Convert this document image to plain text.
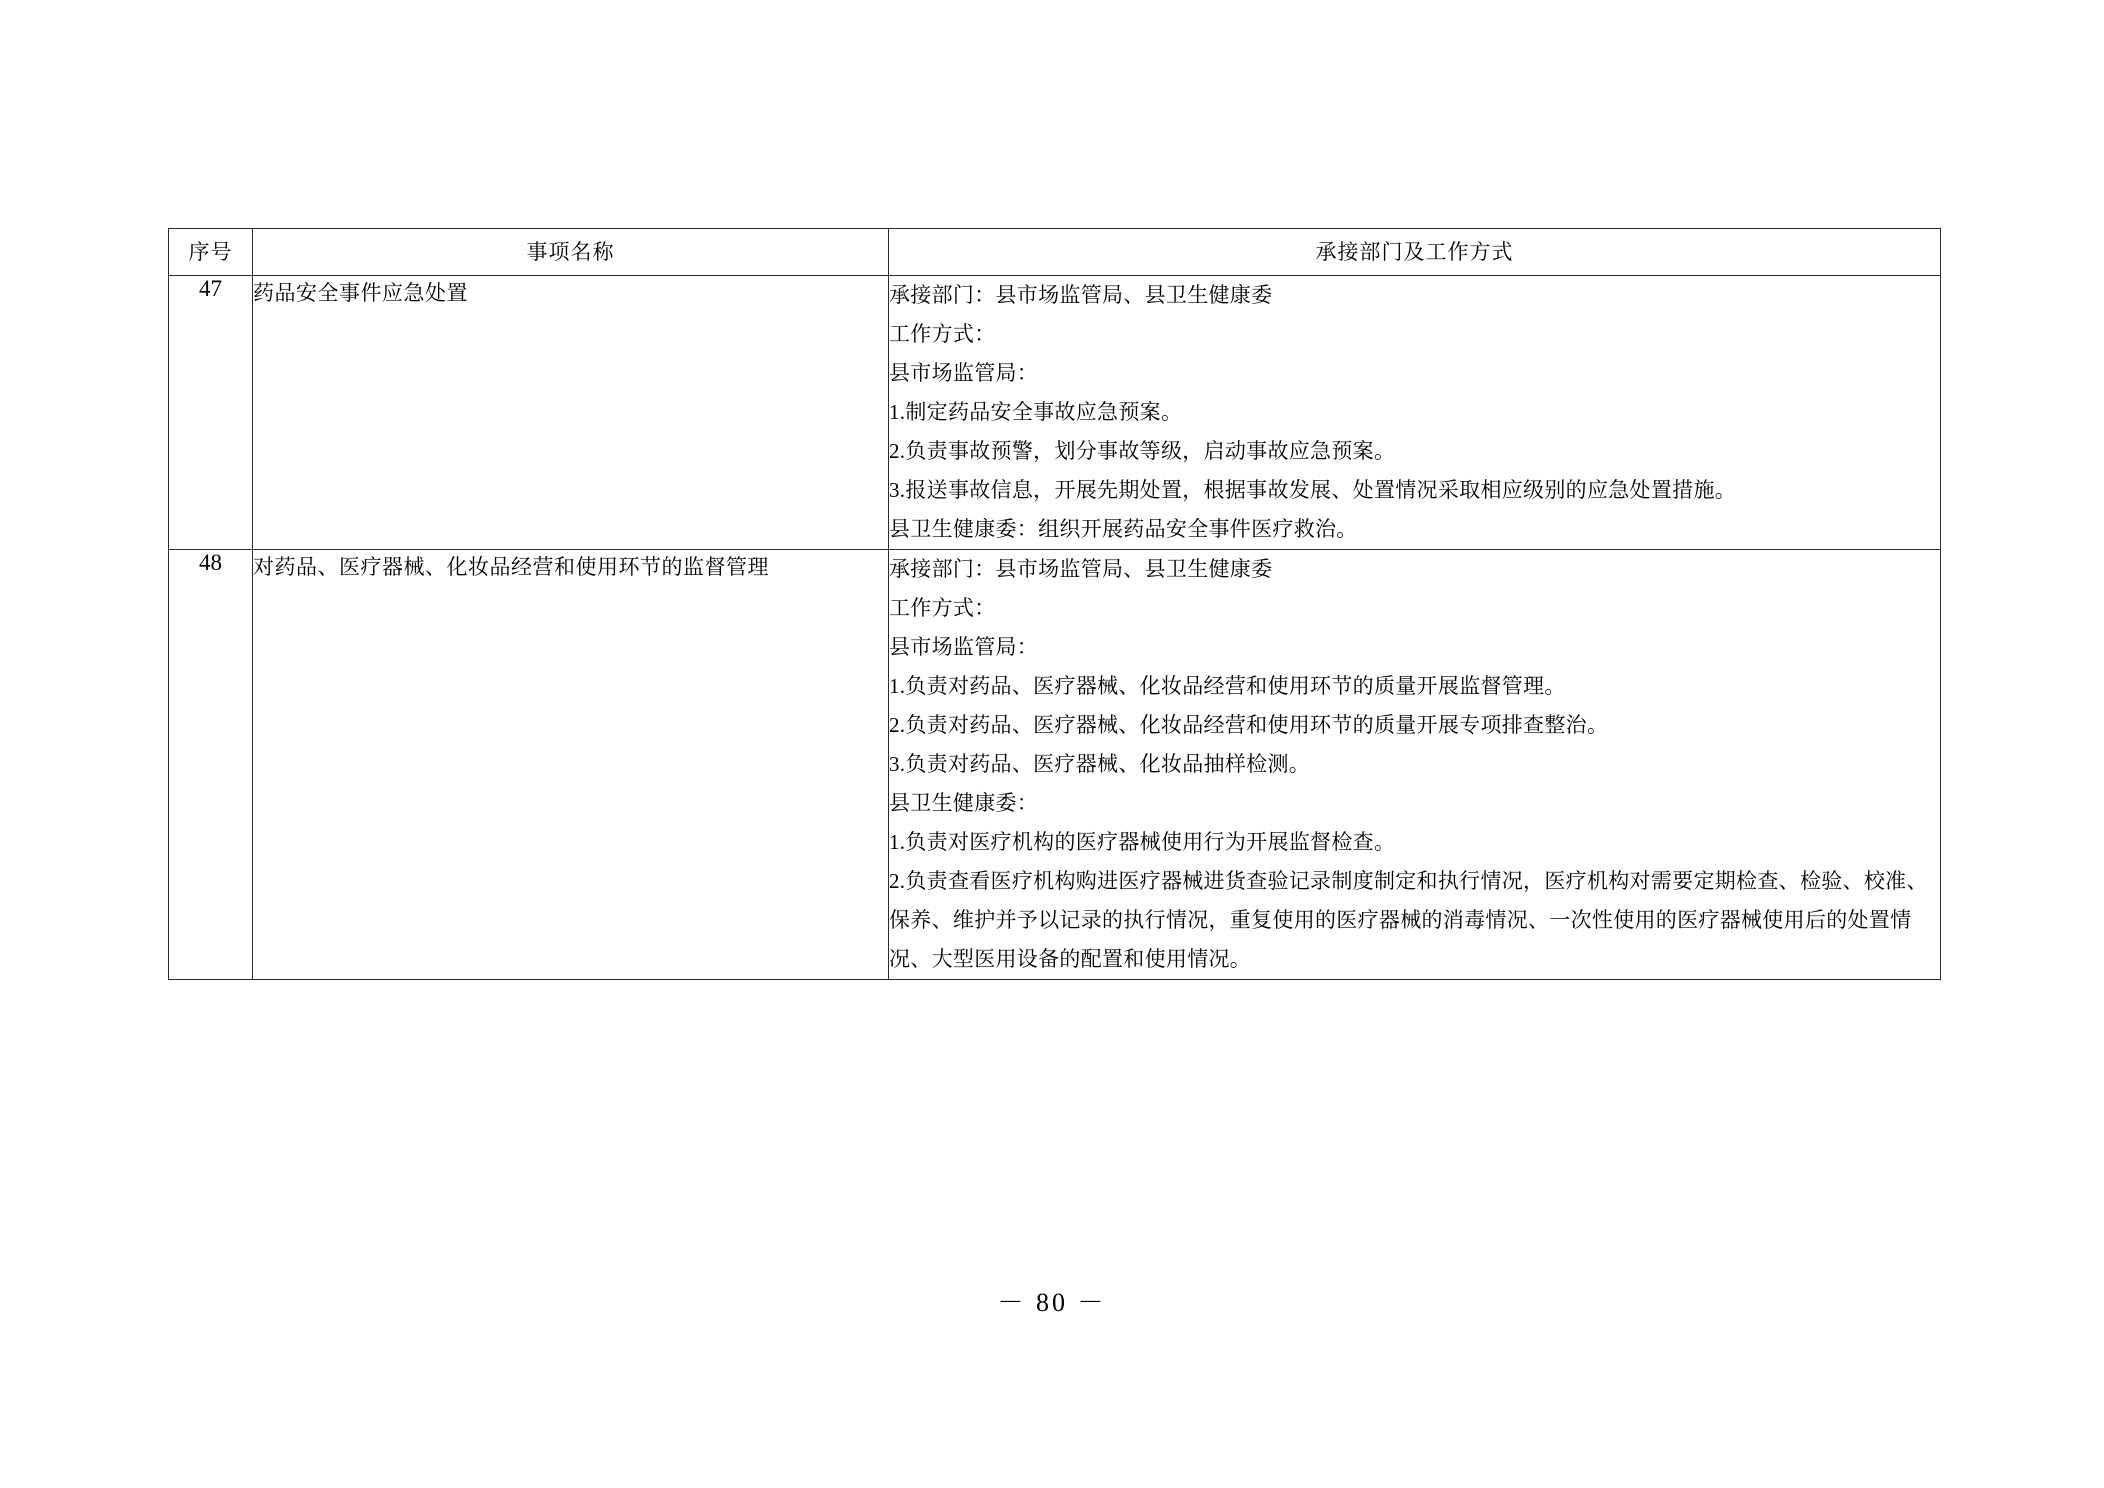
序号	事项名称	承接部门及工作方式
47	药品安全事件应急处置	承接部门：县市场监管局、县卫生健康委
工作方式：
县市场监管局：
1.制定药品安全事故应急预案。
2.负责事故预警，划分事故等级，启动事故应急预案。
3.报送事故信息，开展先期处置，根据事故发展、处置情况采取相应级别的应急处置措施。
县卫生健康委：组织开展药品安全事件医疗救治。

48	对药品、医疗器械、化妆品经营和使用环节的监督管理	承接部门：县市场监管局、县卫生健康委
工作方式：
县市场监管局：
1.负责对药品、医疗器械、化妆品经营和使用环节的质量开展监督管理。
2.负责对药品、医疗器械、化妆品经营和使用环节的质量开展专项排查整治。
3.负责对药品、医疗器械、化妆品抽样检测。
县卫生健康委：
1.负责对医疗机构的医疗器械使用行为开展监督检查。
2.负责查看医疗机构购进医疗器械进货查验记录制度制定和执行情况，医疗机构对需要定期检查、检验、校准、保养、维护并予以记录的执行情况，重复使用的医疗器械的消毒情况、一次性使用的医疗器械使用后的处置情况、大型医用设备的配置和使用情况。
－ 80 －
